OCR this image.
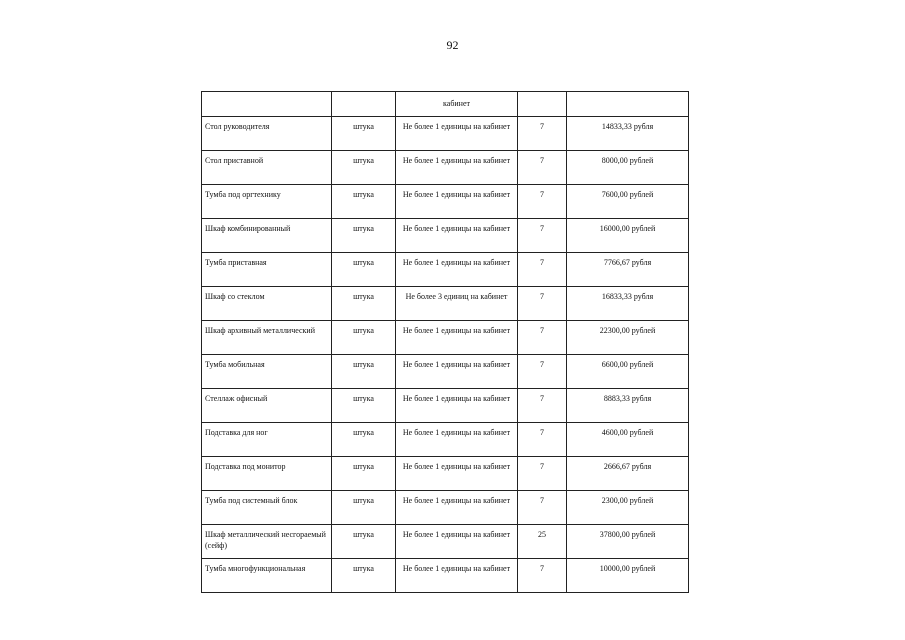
92
		кабинет		
Стол руководителя	штука	Не более 1 единицы на кабинет	7	14833,33 рубля
Стол приставной	штука	Не более 1 единицы на кабинет	7	8000,00 рублей
Тумба под оргтехнику	штука	Не более 1 единицы на кабинет	7	7600,00 рублей
Шкаф комбинированный	штука	Не более 1 единицы на кабинет	7	16000,00 рублей
Тумба приставная	штука	Не более 1 единицы на кабинет	7	7766,67 рубля
Шкаф со стеклом	штука	Не более 3 единиц на кабинет	7	16833,33 рубля
Шкаф архивный металлический	штука	Не более 1 единицы на кабинет	7	22300,00 рублей
Тумба мобильная	штука	Не более 1 единицы на кабинет	7	6600,00 рублей
Стеллаж офисный	штука	Не более 1 единицы на кабинет	7	8883,33 рубля
Подставка для ног	штука	Не более 1 единицы на кабинет	7	4600,00 рублей
Подставка под монитор	штука	Не более 1 единицы на кабинет	7	2666,67 рубля
Тумба под системный блок	штука	Не более 1 единицы на кабинет	7	2300,00 рублей
Шкаф металлический несгораемый (сейф)	штука	Не более 1 единицы на кабинет	25	37800,00 рублей
Тумба многофункциональная	штука	Не более 1 единицы на кабинет	7	10000,00 рублей
